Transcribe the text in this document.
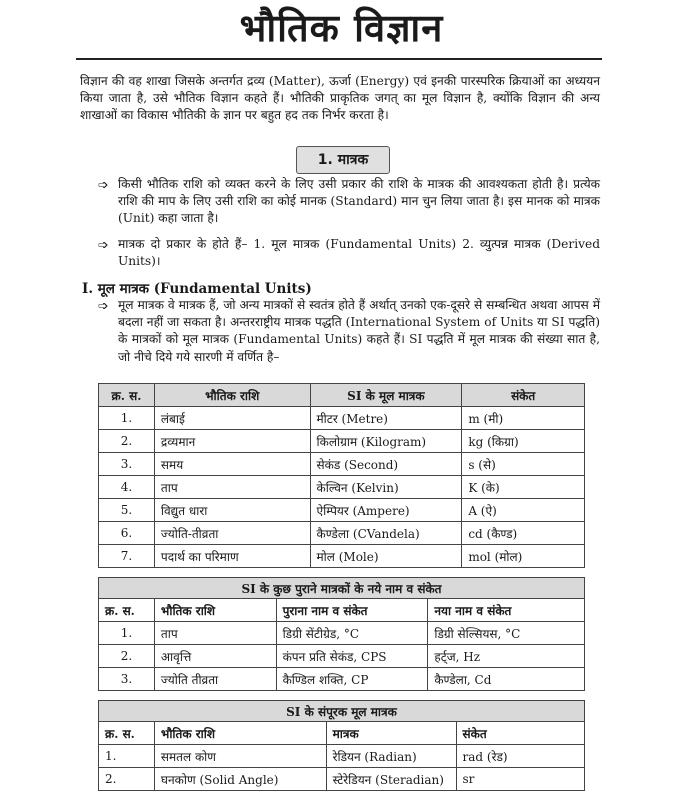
भौतिक विज्ञान
विज्ञान की वह शाखा जिसके अन्तर्गत द्रव्य (Matter), ऊर्जा (Energy) एवं इनकी पारस्परिक क्रियाओं का अध्ययन किया जाता है, उसे भौतिक विज्ञान कहते हैं। भौतिकी प्राकृतिक जगत् का मूल विज्ञान है, क्योंकि विज्ञान की अन्य शाखाओं का विकास भौतिकी के ज्ञान पर बहुत हद तक निर्भर करता है।
1. मात्रक
➩ किसी भौतिक राशि को व्यक्त करने के लिए उसी प्रकार की राशि के मात्रक की आवश्यकता होती है। प्रत्येक राशि की माप के लिए उसी राशि का कोई मानक (Standard) मान चुन लिया जाता है। इस मानक को मात्रक (Unit) कहा जाता है।
➩ मात्रक दो प्रकार के होते हैं– 1. मूल मात्रक (Fundamental Units) 2. व्युत्पन्न मात्रक (Derived Units)।
I. मूल मात्रक (Fundamental Units)
➩ मूल मात्रक वे मात्रक हैं, जो अन्य मात्रकों से स्वतंत्र होते हैं अर्थात् उनको एक-दूसरे से सम्बन्धित अथवा आपस में बदला नहीं जा सकता है। अन्तरराष्ट्रीय मात्रक पद्धति (International System of Units या SI पद्धति) के मात्रकों को मूल मात्रक (Fundamental Units) कहते हैं। SI पद्धति में मूल मात्रक की संख्या सात है, जो नीचे दिये गये सारणी में वर्णित है–
क्र. स.	भौतिक राशि	SI के मूल मात्रक	संकेत
1.	लंबाई	मीटर (Metre)	m (मी)
2.	द्रव्यमान	किलोग्राम (Kilogram)	kg (किग्रा)
3.	समय	सेकंड (Second)	s (से)
4.	ताप	केल्विन (Kelvin)	K (के)
5.	विद्युत धारा	ऐम्पियर (Ampere)	A (ऐ)
6.	ज्योति-तीव्रता	कैण्डेला (CVandela)	cd (कैण्ड)
7.	पदार्थ का परिमाण	मोल (Mole)	mol (मोल)
SI के कुछ पुराने मात्रकों के नये नाम व संकेत			
क्र. स.	भौतिक राशि	पुराना नाम व संकेत	नया नाम व संकेत
1.	ताप	डिग्री सेंटीग्रेड, °C	डिग्री सेल्सियस, °C
2.	आवृत्ति	कंपन प्रति सेकंड, CPS	हर्ट्ज, Hz
3.	ज्योति तीव्रता	कैण्डिल शक्ति, CP	कैण्डेला, Cd
SI के संपूरक मूल मात्रक			
क्र. स.	भौतिक राशि	मात्रक	संकेत
1.	समतल कोण	रेडियन (Radian)	rad (रेड)
2.	घनकोण (Solid Angle)	स्टेरेडियन (Steradian)	sr
